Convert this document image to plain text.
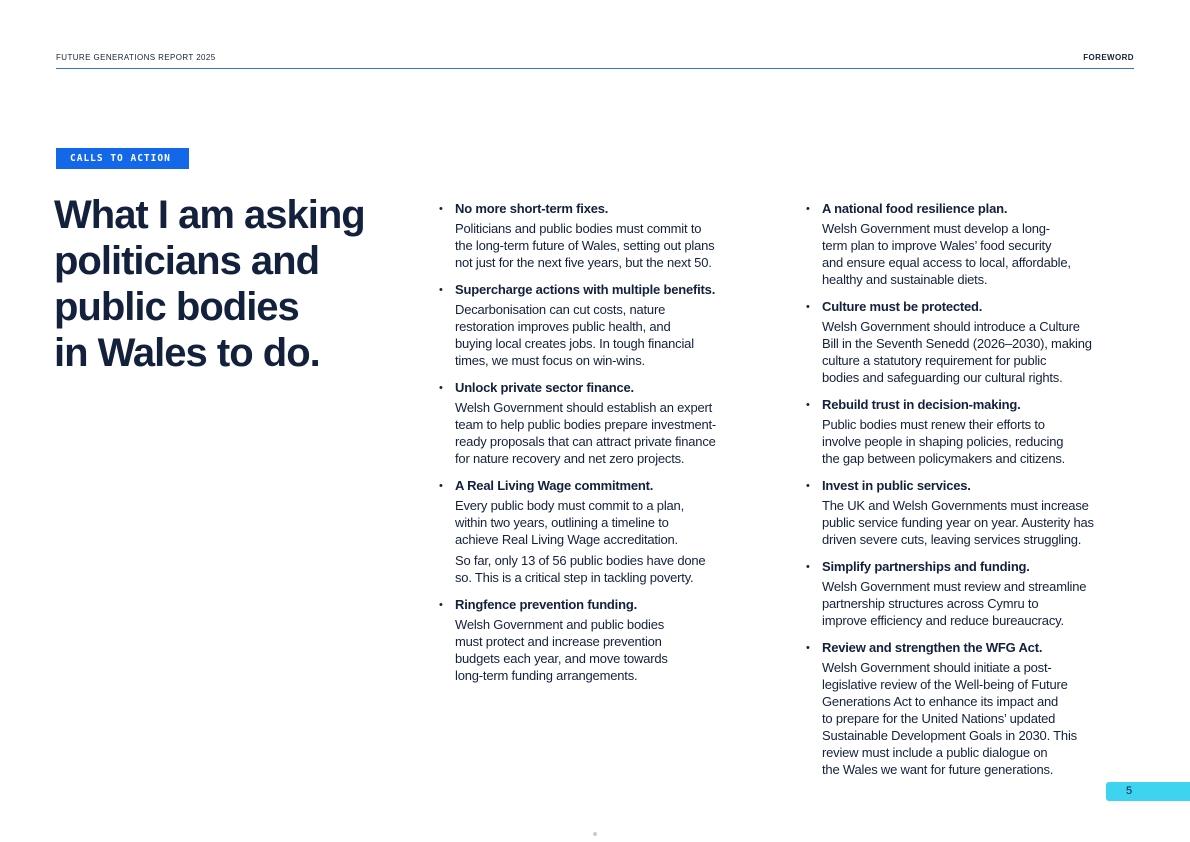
FUTURE GENERATIONS REPORT 2025	FOREWORD
CALLS TO ACTION
What I am asking
politicians and
public bodies
in Wales to do.
• No more short-term fixes.

Politicians and public bodies must commit to
the long-term future of Wales, setting out plans
not just for the next five years, but the next 50.

• Supercharge actions with multiple benefits.

Decarbonisation can cut costs, nature
restoration improves public health, and
buying local creates jobs. In tough financial
times, we must focus on win-wins.

• Unlock private sector finance.

Welsh Government should establish an expert
team to help public bodies prepare investment-
ready proposals that can attract private finance
for nature recovery and net zero projects.

• A Real Living Wage commitment.

Every public body must commit to a plan,
within two years, outlining a timeline to
achieve Real Living Wage accreditation.

So far, only 13 of 56 public bodies have done
so. This is a critical step in tackling poverty.

• Ringfence prevention funding.

Welsh Government and public bodies
must protect and increase prevention
budgets each year, and move towards
long-term funding arrangements.

• A national food resilience plan.

Welsh Government must develop a long-
term plan to improve Wales’ food security
and ensure equal access to local, affordable,
healthy and sustainable diets.

• Culture must be protected.

Welsh Government should introduce a Culture
Bill in the Seventh Senedd (2026–2030), making
culture a statutory requirement for public
bodies and safeguarding our cultural rights.

• Rebuild trust in decision-making.

Public bodies must renew their efforts to
involve people in shaping policies, reducing
the gap between policymakers and citizens.

• Invest in public services.

The UK and Welsh Governments must increase
public service funding year on year. Austerity has
driven severe cuts, leaving services struggling.

• Simplify partnerships and funding.

Welsh Government must review and streamline
partnership structures across Cymru to
improve efficiency and reduce bureaucracy.

• Review and strengthen the WFG Act.

Welsh Government should initiate a post-
legislative review of the Well-being of Future
Generations Act to enhance its impact and
to prepare for the United Nations’ updated
Sustainable Development Goals in 2030. This
review must include a public dialogue on
the Wales we want for future generations.

5
